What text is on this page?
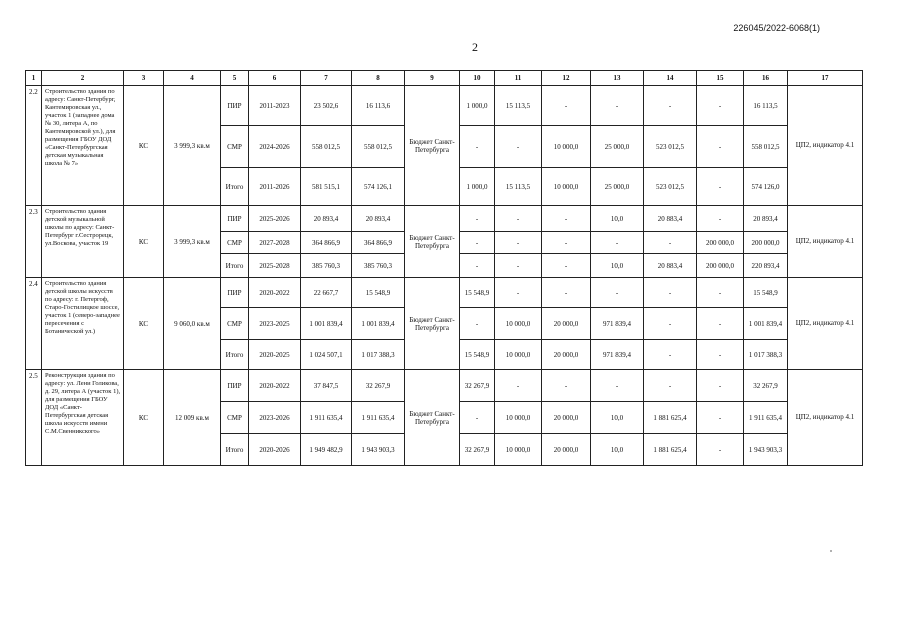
226045/2022-6068(1)
2
1	2	3	4	5	6	7	8	9	10	11	12	13	14	15	16	17
2.2	Строительство здания по адресу: Санкт-Петербург, Кантемировская ул., участок 1 (западнее дома № 30, литера А, по Кантемировской ул.), для размещения ГБОУ ДОД «Санкт-Петербургская детская музыкальная школа № 7»	КС	3 999,3 кв.м	ПИР	2011-2023	23 502,6	16 113,6	Бюджет Санкт-Петербурга	1 000,0	15 113,5	-	-	-	-	16 113,5	ЦП2, индикатор 4.1
				СМР	2024-2026	558 012,5	558 012,5		-	-	10 000,0	25 000,0	523 012,5	-	558 012,5	
				Итого	2011-2026	581 515,1	574 126,1		1 000,0	15 113,5	10 000,0	25 000,0	523 012,5	-	574 126,0	
2.3	Строительство здания детской музыкальной школы по адресу: Санкт-Петербург г.Сестрорецк, ул.Воскова, участок 19	КС	3 999,3 кв.м	ПИР	2025-2026	20 893,4	20 893,4	Бюджет Санкт-Петербурга	-	-	-	10,0	20 883,4	-	20 893,4	ЦП2, индикатор 4.1
				СМР	2027-2028	364 866,9	364 866,9		-	-	-	-	-	200 000,0	200 000,0	
				Итого	2025-2028	385 760,3	385 760,3		-	-	-	10,0	20 883,4	200 000,0	220 893,4	
2.4	Строительство здания детской школы искусств по адресу: г. Петергоф, Старо-Гостилицкое шоссе, участок 1 (северо-западнее пересечения с Ботанической ул.)	КС	9 060,0 кв.м	ПИР	2020-2022	22 667,7	15 548,9	Бюджет Санкт-Петербурга	15 548,9	-	-	-	-	-	15 548,9	ЦП2, индикатор 4.1
				СМР	2023-2025	1 001 839,4	1 001 839,4		-	10 000,0	20 000,0	971 839,4	-	-	1 001 839,4	
				Итого	2020-2025	1 024 507,1	1 017 388,3		15 548,9	10 000,0	20 000,0	971 839,4	-	-	1 017 388,3	
2.5	Реконструкция здания по адресу: ул. Лени Голикова, д. 29, литера А (участок 1), для размещения ГБОУ ДОД «Санкт-Петербургская детская школа искусств имени С.М.Свенникского»	КС	12 009 кв.м	ПИР	2020-2022	37 847,5	32 267,9	Бюджет Санкт-Петербурга	32 267,9	-	-	-	-	-	32 267,9	ЦП2, индикатор 4.1
				СМР	2023-2026	1 911 635,4	1 911 635,4		-	10 000,0	20 000,0	10,0	1 881 625,4	-	1 911 635,4	
				Итого	2020-2026	1 949 482,9	1 943 903,3		32 267,9	10 000,0	20 000,0	10,0	1 881 625,4	-	1 943 903,3	
